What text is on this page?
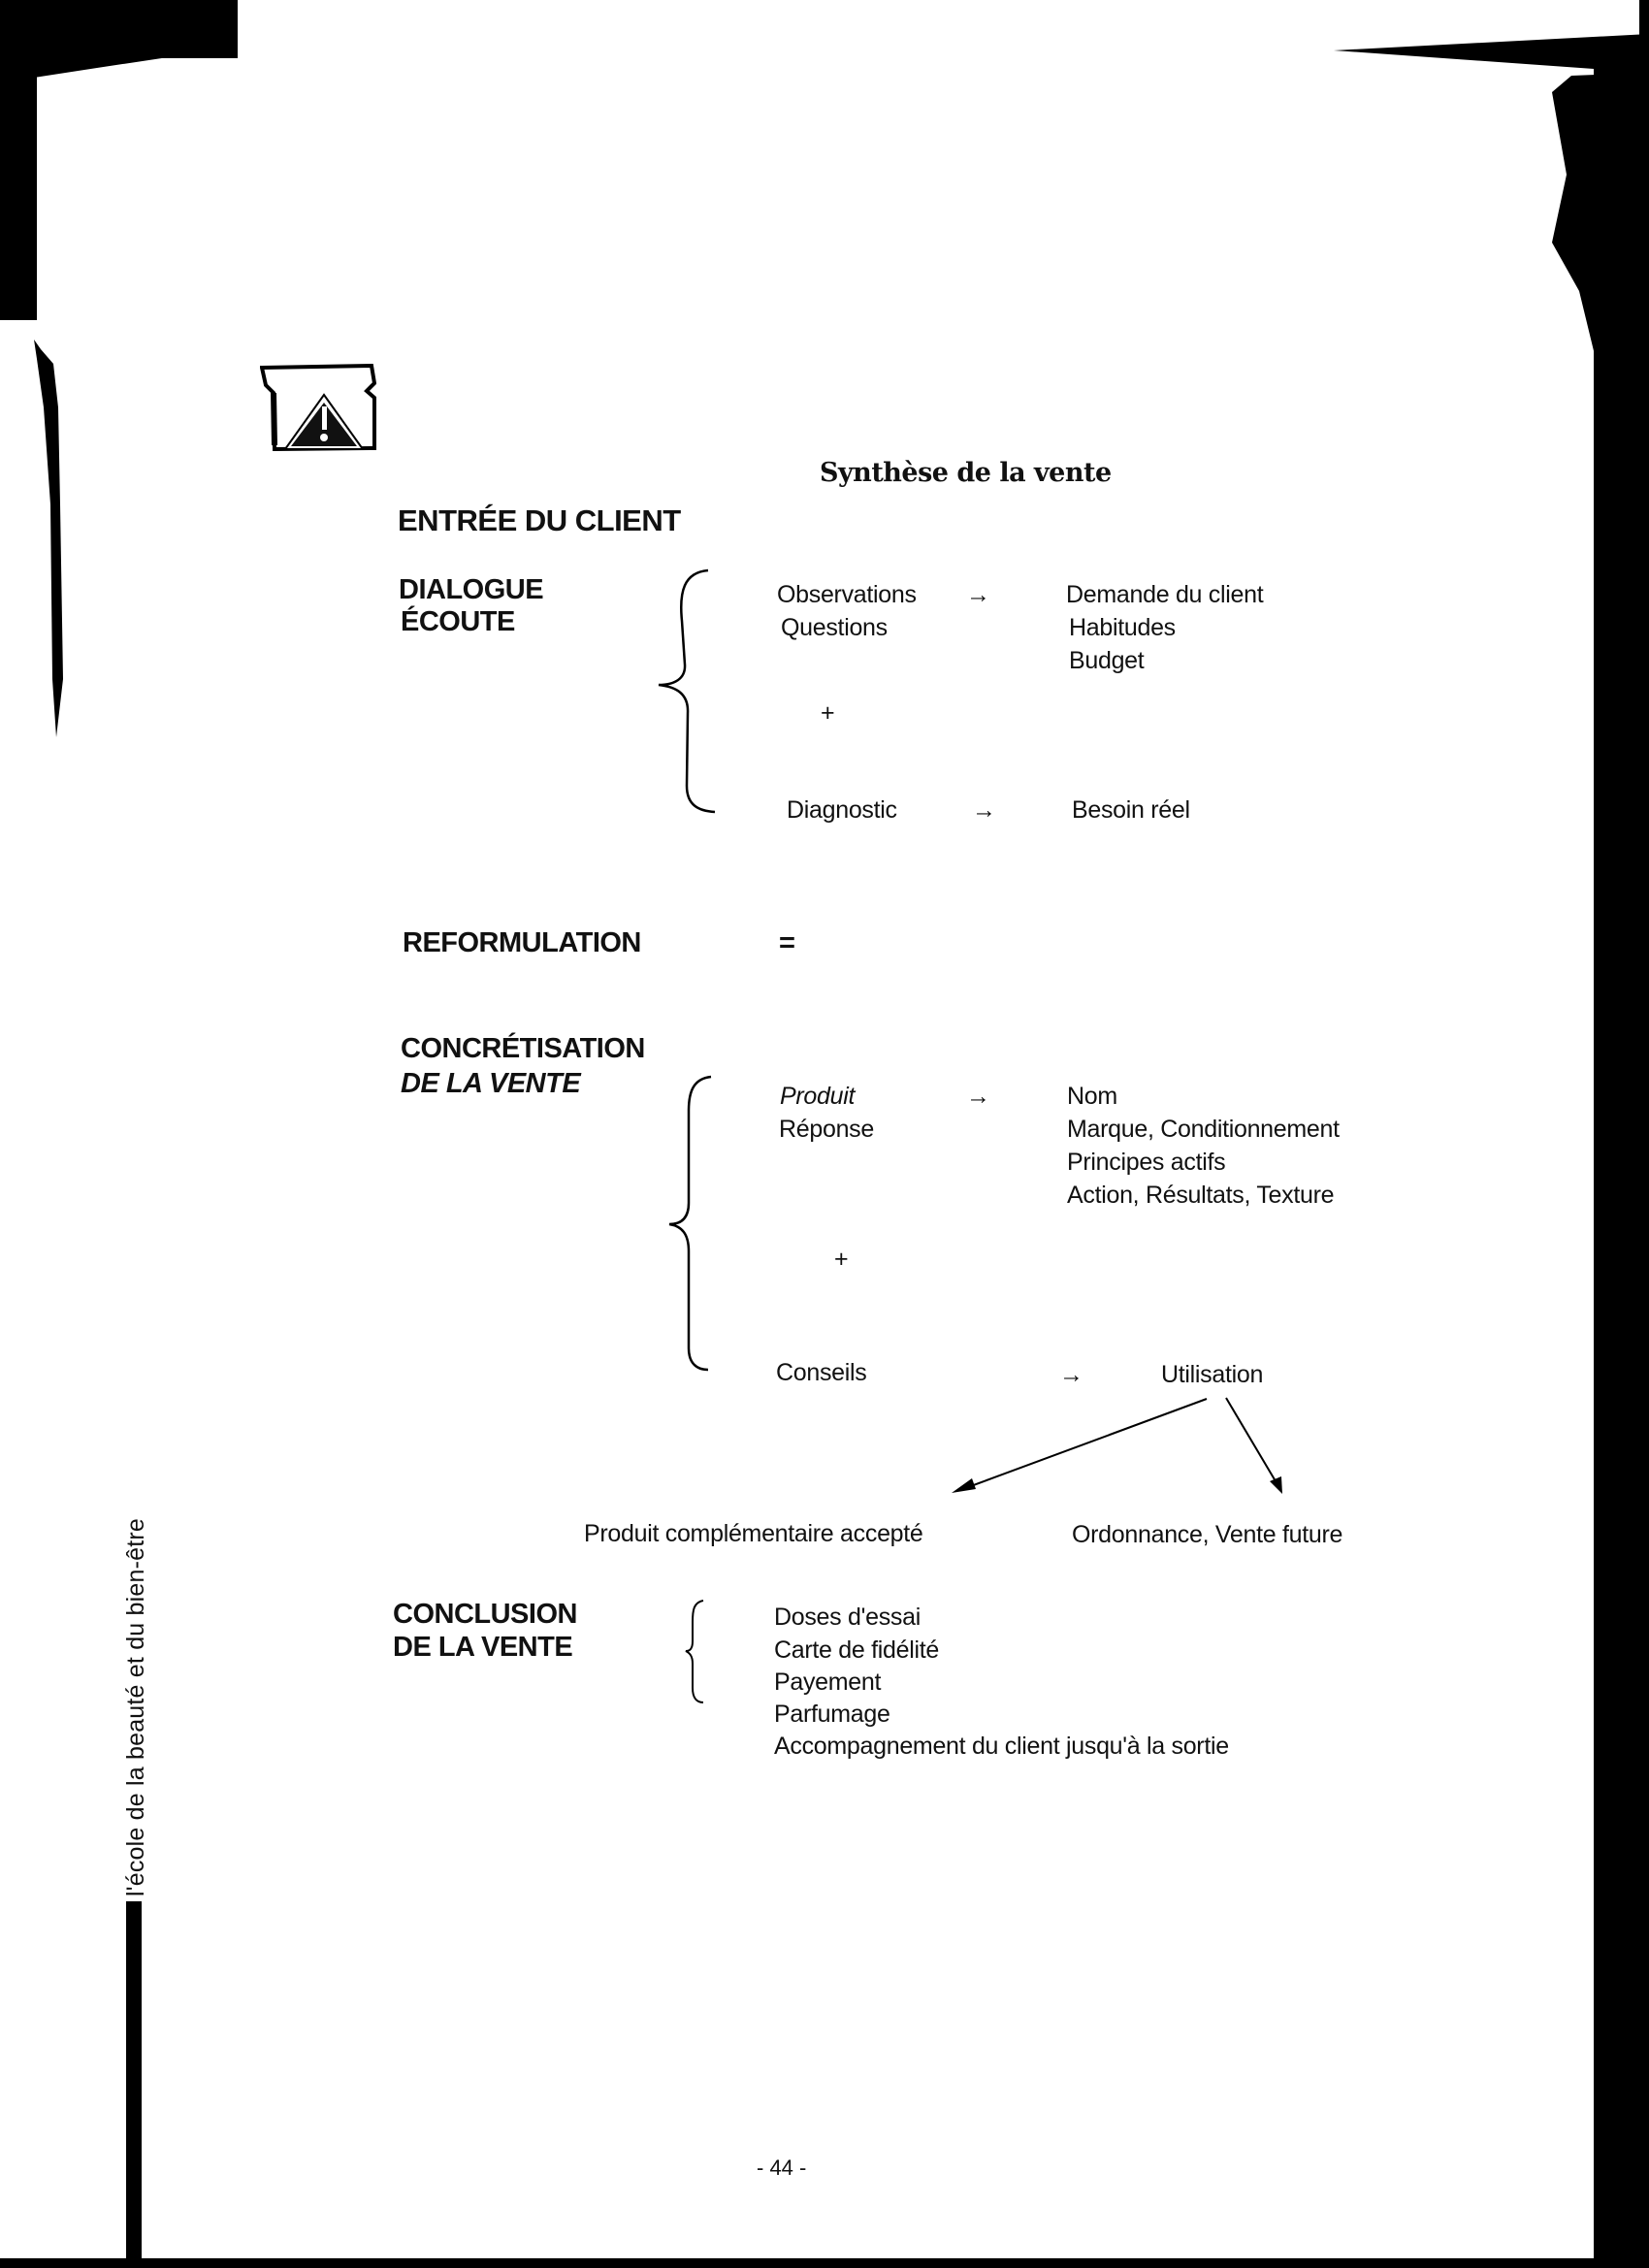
Synthèse de la vente
ENTRÉE DU CLIENT
DIALOGUE
ÉCOUTE
Observations →	Demande du client
Questions	Habitudes
Budget
+
Diagnostic	→	Besoin réel
REFORMULATION	=
CONCRÉTISATION
DE LA VENTE	Produit	→	Nom
Réponse	Marque, Conditionnement
Principes actifs
Action, Résultats, Texture
+
Conseils	→	Utilisation
Produit complémentaire accepté	Ordonnance, Vente future
CONCLUSION
DE LA VENTE
Doses d'essai
Carte de fidélité
Payement
Parfumage
Accompagnement du client jusqu'à la sortie
l'école de la beauté et du bien-être
- 44 -
